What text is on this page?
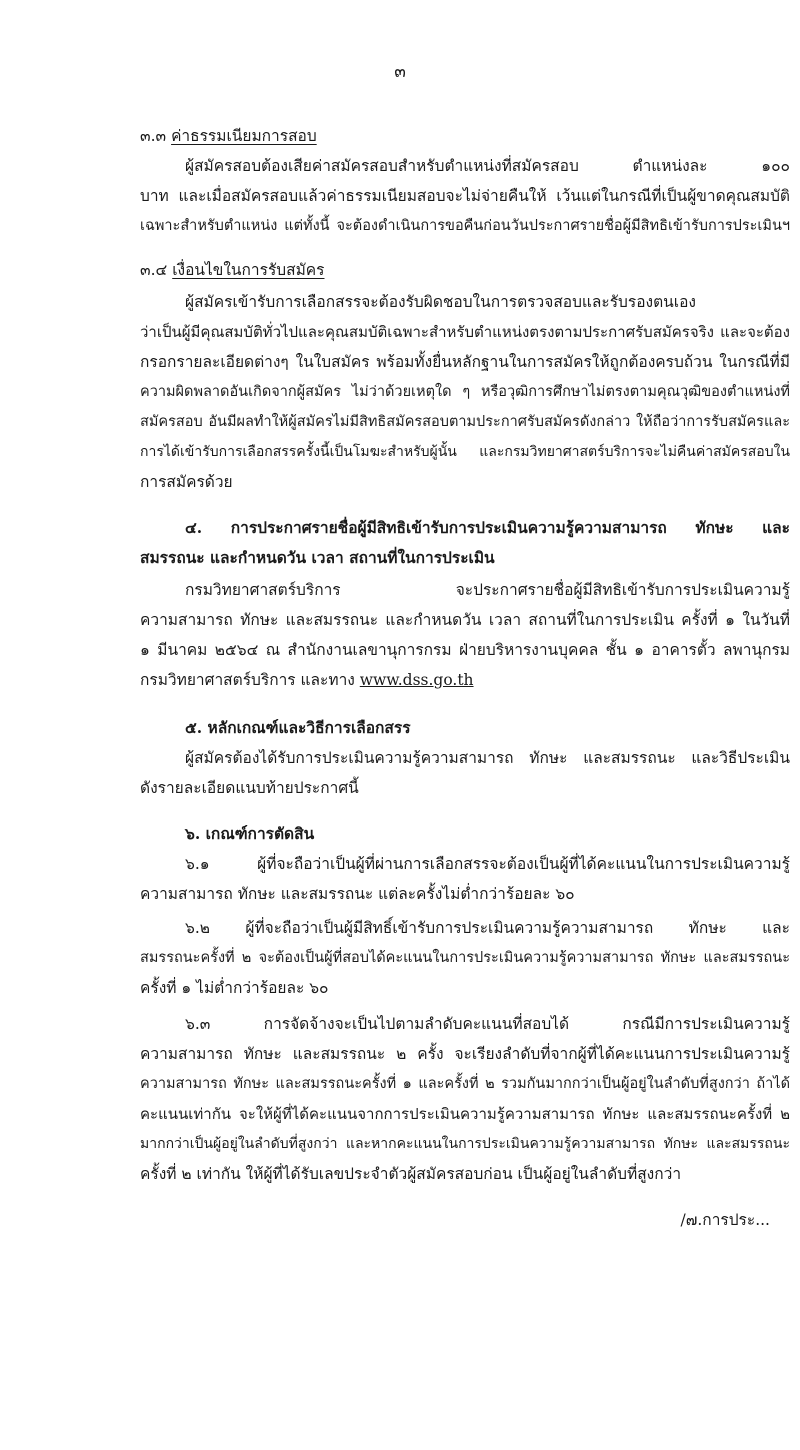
๓
๓.๓ ค่าธรรมเนียมการสอบ
ผู้สมัครสอบต้องเสียค่าสมัครสอบสำหรับตำแหน่งที่สมัครสอบ ตำแหน่งละ ๑๐๐
บาท และเมื่อสมัครสอบแล้วค่าธรรมเนียมสอบจะไม่จ่ายคืนให้ เว้นแต่ในกรณีที่เป็นผู้ขาดคุณสมบัติ
เฉพาะสำหรับตำแหน่ง แต่ทั้งนี้ จะต้องดำเนินการขอคืนก่อนวันประกาศรายชื่อผู้มีสิทธิเข้ารับการประเมินฯ
๓.๔ เงื่อนไขในการรับสมัคร
ผู้สมัครเข้ารับการเลือกสรรจะต้องรับผิดชอบในการตรวจสอบและรับรองตนเอง
ว่าเป็นผู้มีคุณสมบัติทั่วไปและคุณสมบัติเฉพาะสำหรับตำแหน่งตรงตามประกาศรับสมัครจริง และจะต้อง
กรอกรายละเอียดต่างๆ ในใบสมัคร พร้อมทั้งยื่นหลักฐานในการสมัครให้ถูกต้องครบถ้วน ในกรณีที่มี
ความผิดพลาดอันเกิดจากผู้สมัคร ไม่ว่าด้วยเหตุใด ๆ หรือวุฒิการศึกษาไม่ตรงตามคุณวุฒิของตำแหน่งที่
สมัครสอบ อันมีผลทำให้ผู้สมัครไม่มีสิทธิสมัครสอบตามประกาศรับสมัครดังกล่าว ให้ถือว่าการรับสมัครและ
การได้เข้ารับการเลือกสรรครั้งนี้เป็นโมฆะสำหรับผู้นั้น และกรมวิทยาศาสตร์บริการจะไม่คืนค่าสมัครสอบใน
การสมัครด้วย
๔. การประกาศรายชื่อผู้มีสิทธิเข้ารับการประเมินความรู้ความสามารถ ทักษะ และ
สมรรถนะ และกำหนดวัน เวลา สถานที่ในการประเมิน
กรมวิทยาศาสตร์บริการ จะประกาศรายชื่อผู้มีสิทธิเข้ารับการประเมินความรู้
ความสามารถ ทักษะ และสมรรถนะ และกำหนดวัน เวลา สถานที่ในการประเมิน ครั้งที่ ๑ ในวันที่
๑ มีนาคม ๒๕๖๔ ณ สำนักงานเลขานุการกรม ฝ่ายบริหารงานบุคคล ชั้น ๑ อาคารตั้ว ลพานุกรม
กรมวิทยาศาสตร์บริการ และทาง www.dss.go.th
๕. หลักเกณฑ์และวิธีการเลือกสรร
ผู้สมัครต้องได้รับการประเมินความรู้ความสามารถ ทักษะ และสมรรถนะ และวิธีประเมิน
ดังรายละเอียดแนบท้ายประกาศนี้
๖. เกณฑ์การตัดสิน
๖.๑ ผู้ที่จะถือว่าเป็นผู้ที่ผ่านการเลือกสรรจะต้องเป็นผู้ที่ได้คะแนนในการประเมินความรู้
ความสามารถ ทักษะ และสมรรถนะ แต่ละครั้งไม่ต่ำกว่าร้อยละ ๖๐
๖.๒ ผู้ที่จะถือว่าเป็นผู้มีสิทธิ์เข้ารับการประเมินความรู้ความสามารถ ทักษะ และ
สมรรถนะครั้งที่ ๒ จะต้องเป็นผู้ที่สอบได้คะแนนในการประเมินความรู้ความสามารถ ทักษะ และสมรรถนะ
ครั้งที่ ๑ ไม่ต่ำกว่าร้อยละ ๖๐
๖.๓ การจัดจ้างจะเป็นไปตามลำดับคะแนนที่สอบได้ กรณีมีการประเมินความรู้
ความสามารถ ทักษะ และสมรรถนะ ๒ ครั้ง จะเรียงลำดับที่จากผู้ที่ได้คะแนนการประเมินความรู้
ความสามารถ ทักษะ และสมรรถนะครั้งที่ ๑ และครั้งที่ ๒ รวมกันมากกว่าเป็นผู้อยู่ในลำดับที่สูงกว่า ถ้าได้
คะแนนเท่ากัน จะให้ผู้ที่ได้คะแนนจากการประเมินความรู้ความสามารถ ทักษะ และสมรรถนะครั้งที่ ๒
มากกว่าเป็นผู้อยู่ในลำดับที่สูงกว่า และหากคะแนนในการประเมินความรู้ความสามารถ ทักษะ และสมรรถนะ
ครั้งที่ ๒ เท่ากัน ให้ผู้ที่ได้รับเลขประจำตัวผู้สมัครสอบก่อน เป็นผู้อยู่ในลำดับที่สูงกว่า
/๗.การประ...
